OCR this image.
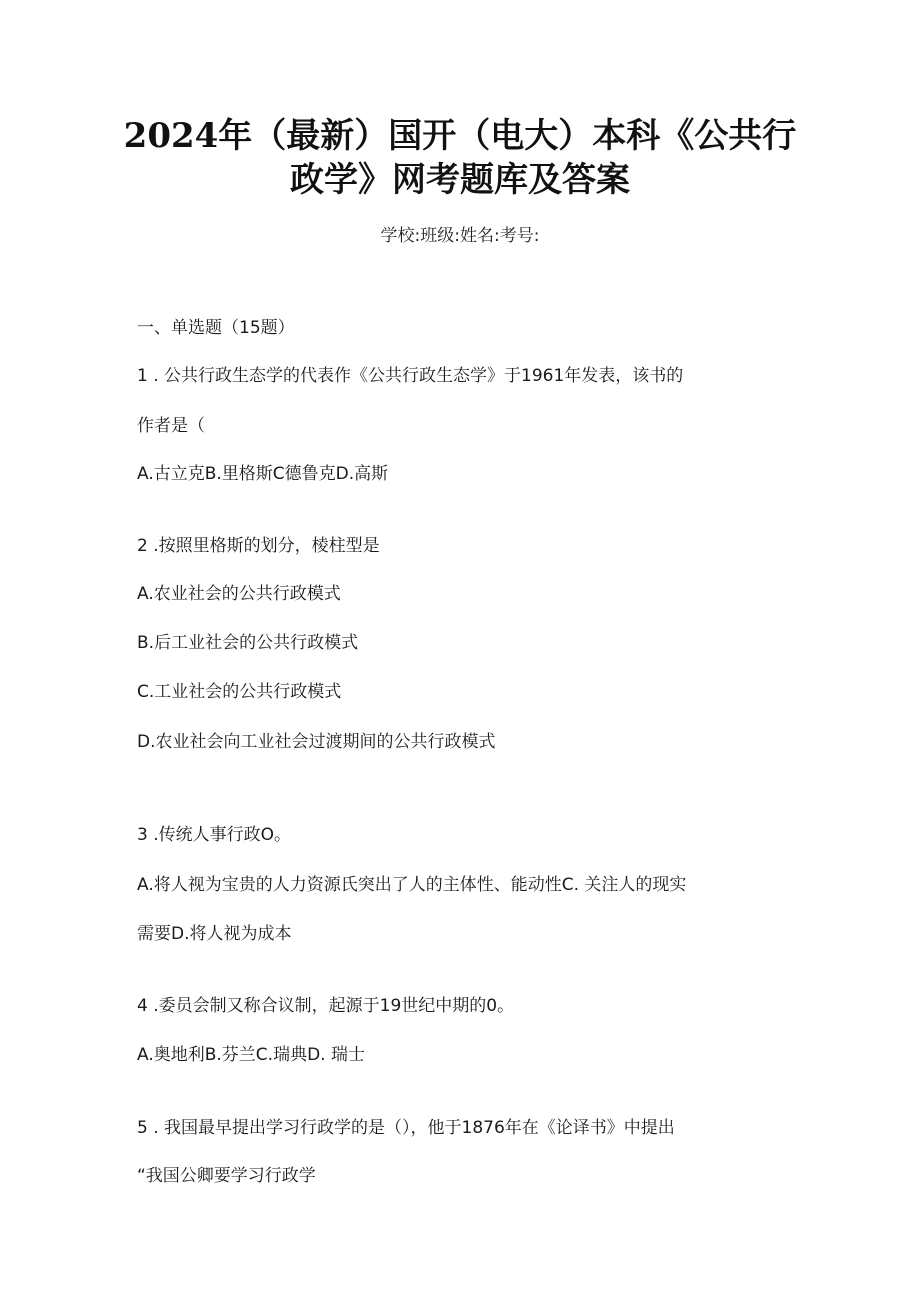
2024年（最新）国开（电大）本科《公共行
政学》网考题库及答案
学校:班级:姓名:考号:
一、单选题（15题）
1 . 公共行政生态学的代表作《公共行政生态学》于1961年发表，该书的
作者是（
A.古立克B.里格斯C德鲁克D.高斯
2 .按照里格斯的划分，棱柱型是
A.农业社会的公共行政模式
B.后工业社会的公共行政模式
C.工业社会的公共行政模式
D.农业社会向工业社会过渡期间的公共行政模式
3 .传统人事行政O。
A.将人视为宝贵的人力资源氏突出了人的主体性、能动性C. 关注人的现实
需要D.将人视为成本
4 .委员会制又称合议制，起源于19世纪中期的0。
A.奥地利B.芬兰C.瑞典D. 瑞士
5 . 我国最早提出学习行政学的是（），他于1876年在《论译书》中提出
“我国公卿要学习行政学
